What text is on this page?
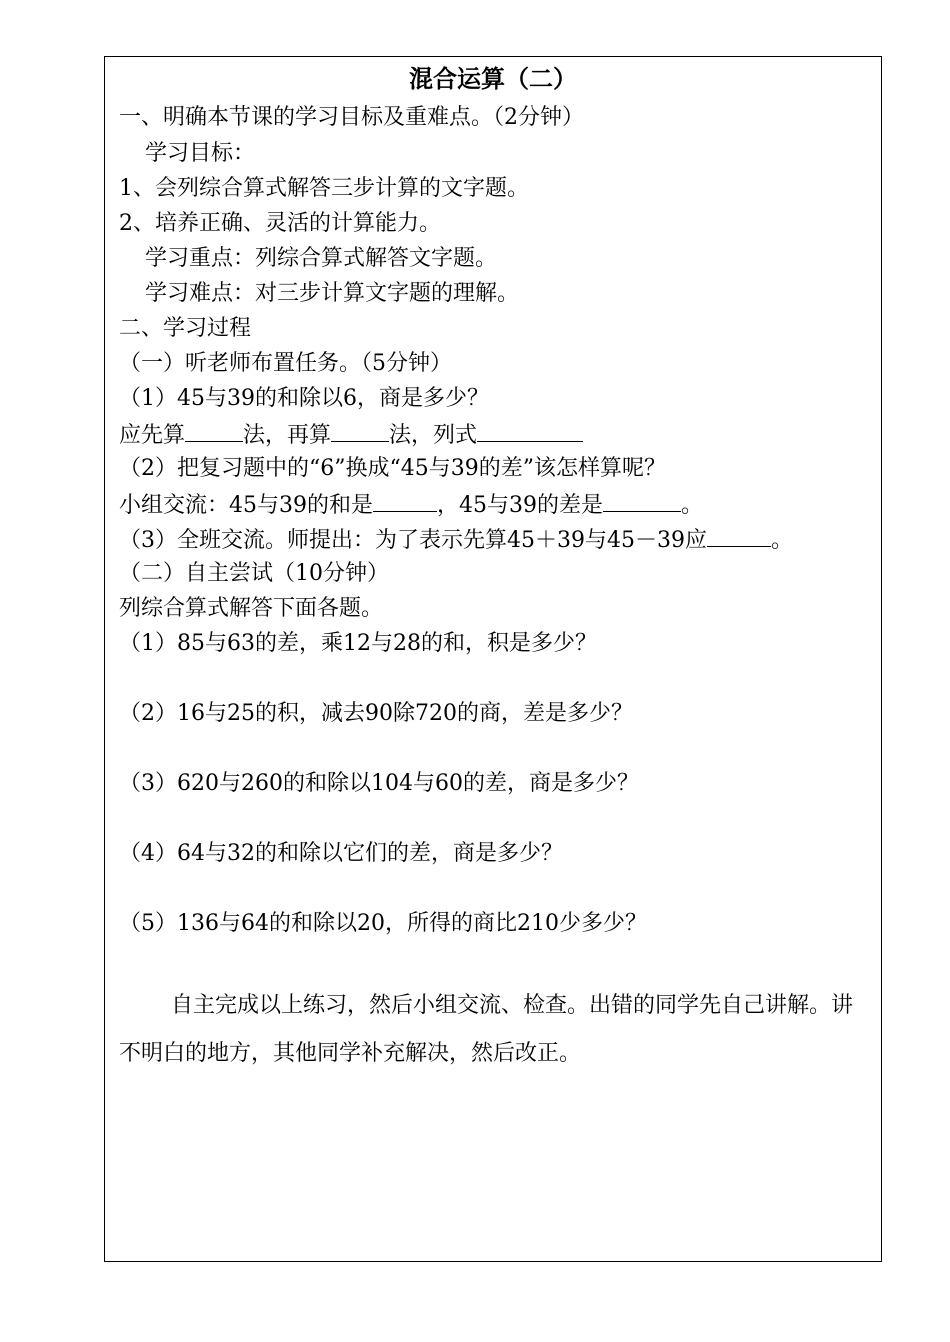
混合运算（二）
一、明确本节课的学习目标及重难点。（2分钟）
学习目标：
1、会列综合算式解答三步计算的文字题。
2、培养正确、灵活的计算能力。
学习重点：列综合算式解答文字题。
学习难点：对三步计算文字题的理解。
二、学习过程
（一）听老师布置任务。（5分钟）
（1）45与39的和除以6，商是多少？
应先算	法，再算	法，列式
（2）把复习题中的“6”换成“45与39的差”该怎样算呢？
小组交流：45与39的和是	，45与39的差是	。
（3）全班交流。师提出：为了表示先算45＋39与45－39应	。
（二）自主尝试（10分钟）
列综合算式解答下面各题。
（1）85与63的差，乘12与28的和，积是多少？
（2）16与25的积，减去90除720的商，差是多少？
（3）620与260的和除以104与60的差，商是多少？
（4）64与32的和除以它们的差，商是多少？
（5）136与64的和除以20，所得的商比210少多少？
自主完成以上练习，然后小组交流、检查。出错的同学先自己讲解。讲不明白的地方，其他同学补充解决，然后改正。
